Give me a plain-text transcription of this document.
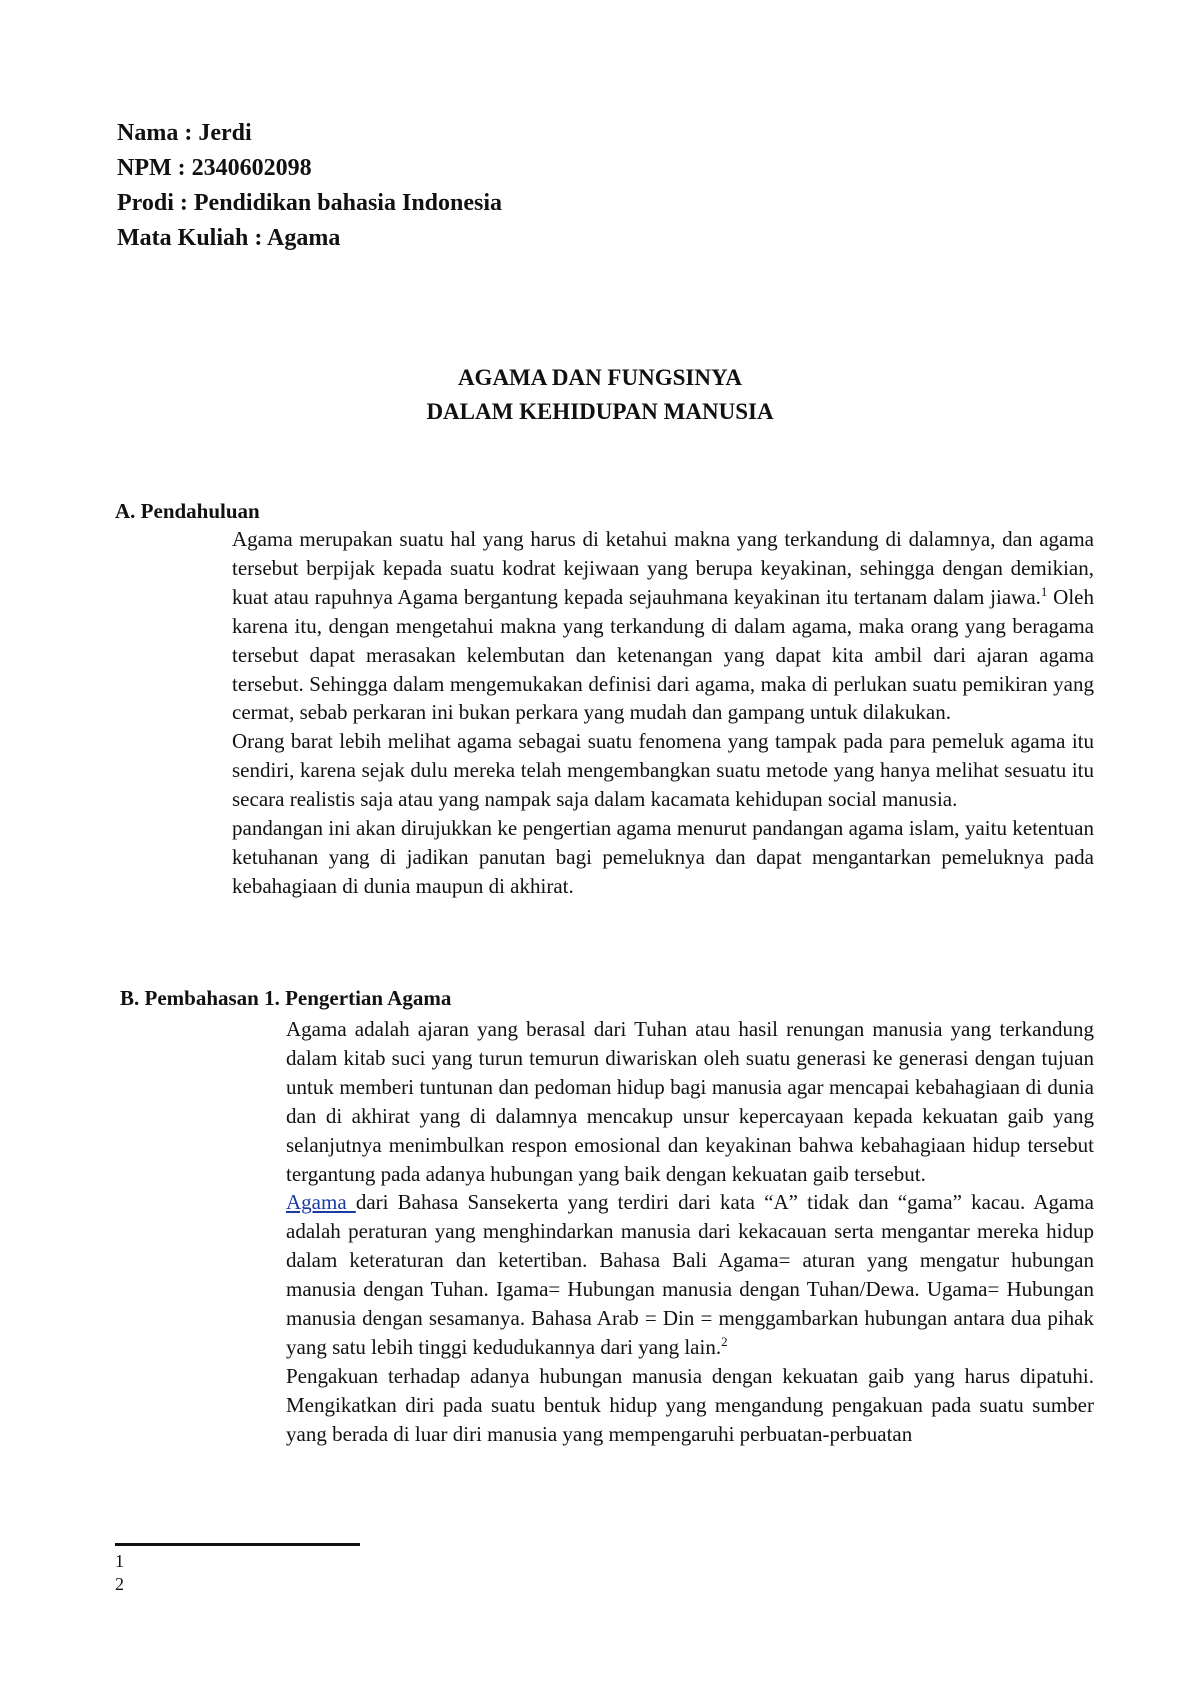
Nama : Jerdi
NPM : 2340602098
Prodi : Pendidikan bahasia Indonesia
Mata Kuliah : Agama
AGAMA DAN FUNGSINYA
DALAM KEHIDUPAN MANUSIA
A. Pendahuluan

Agama merupakan suatu hal yang harus di ketahui makna yang terkandung di dalamnya, dan agama tersebut berpijak kepada suatu kodrat kejiwaan yang berupa keyakinan, sehingga dengan demikian, kuat atau rapuhnya Agama bergantung kepada sejauhmana keyakinan itu tertanam dalam jiawa.$^1$ Oleh karena itu, dengan mengetahui makna yang terkandung di dalam agama, maka orang yang beragama tersebut dapat merasakan kelembutan dan ketenangan yang dapat kita ambil dari ajaran agama tersebut. Sehingga dalam mengemukakan definisi dari agama, maka di perlukan suatu pemikiran yang cermat, sebab perkaran ini bukan perkara yang mudah dan gampang untuk dilakukan.

Orang barat lebih melihat agama sebagai suatu fenomena yang tampak pada para pemeluk agama itu sendiri, karena sejak dulu mereka telah mengembangkan suatu metode yang hanya melihat sesuatu itu secara realistis saja atau yang nampak saja dalam kacamata kehidupan social manusia.

pandangan ini akan dirujukkan ke pengertian agama menurut pandangan agama islam, yaitu ketentuan ketuhanan yang di jadikan panutan bagi pemeluknya dan dapat mengantarkan pemeluknya pada kebahagiaan di dunia maupun di akhirat.

B. Pembahasan 1. Pengertian Agama

Agama adalah ajaran yang berasal dari Tuhan atau hasil renungan manusia yang terkandung dalam kitab suci yang turun temurun diwariskan oleh suatu generasi ke generasi dengan tujuan untuk memberi tuntunan dan pedoman hidup bagi manusia agar mencapai kebahagiaan di dunia dan di akhirat yang di dalamnya mencakup unsur kepercayaan kepada kekuatan gaib yang selanjutnya menimbulkan respon emosional dan keyakinan bahwa kebahagiaan hidup tersebut tergantung pada adanya hubungan yang baik dengan kekuatan gaib tersebut.

Agama dari Bahasa Sansekerta yang terdiri dari kata “A” tidak dan “gama” kacau. Agama adalah peraturan yang menghindarkan manusia dari kekacauan serta mengantar mereka hidup dalam keteraturan dan ketertiban. Bahasa Bali Agama= aturan yang mengatur hubungan manusia dengan Tuhan. Igama= Hubungan manusia dengan Tuhan/Dewa. Ugama= Hubungan manusia dengan sesamanya. Bahasa Arab = Din = menggambarkan hubungan antara dua pihak yang satu lebih tinggi kedudukannya dari yang lain.$^2$

Pengakuan terhadap adanya hubungan manusia dengan kekuatan gaib yang harus dipatuhi. Mengikatkan diri pada suatu bentuk hidup yang mengandung pengakuan pada suatu sumber yang berada di luar diri manusia yang mempengaruhi perbuatan-perbuatan

1
2
